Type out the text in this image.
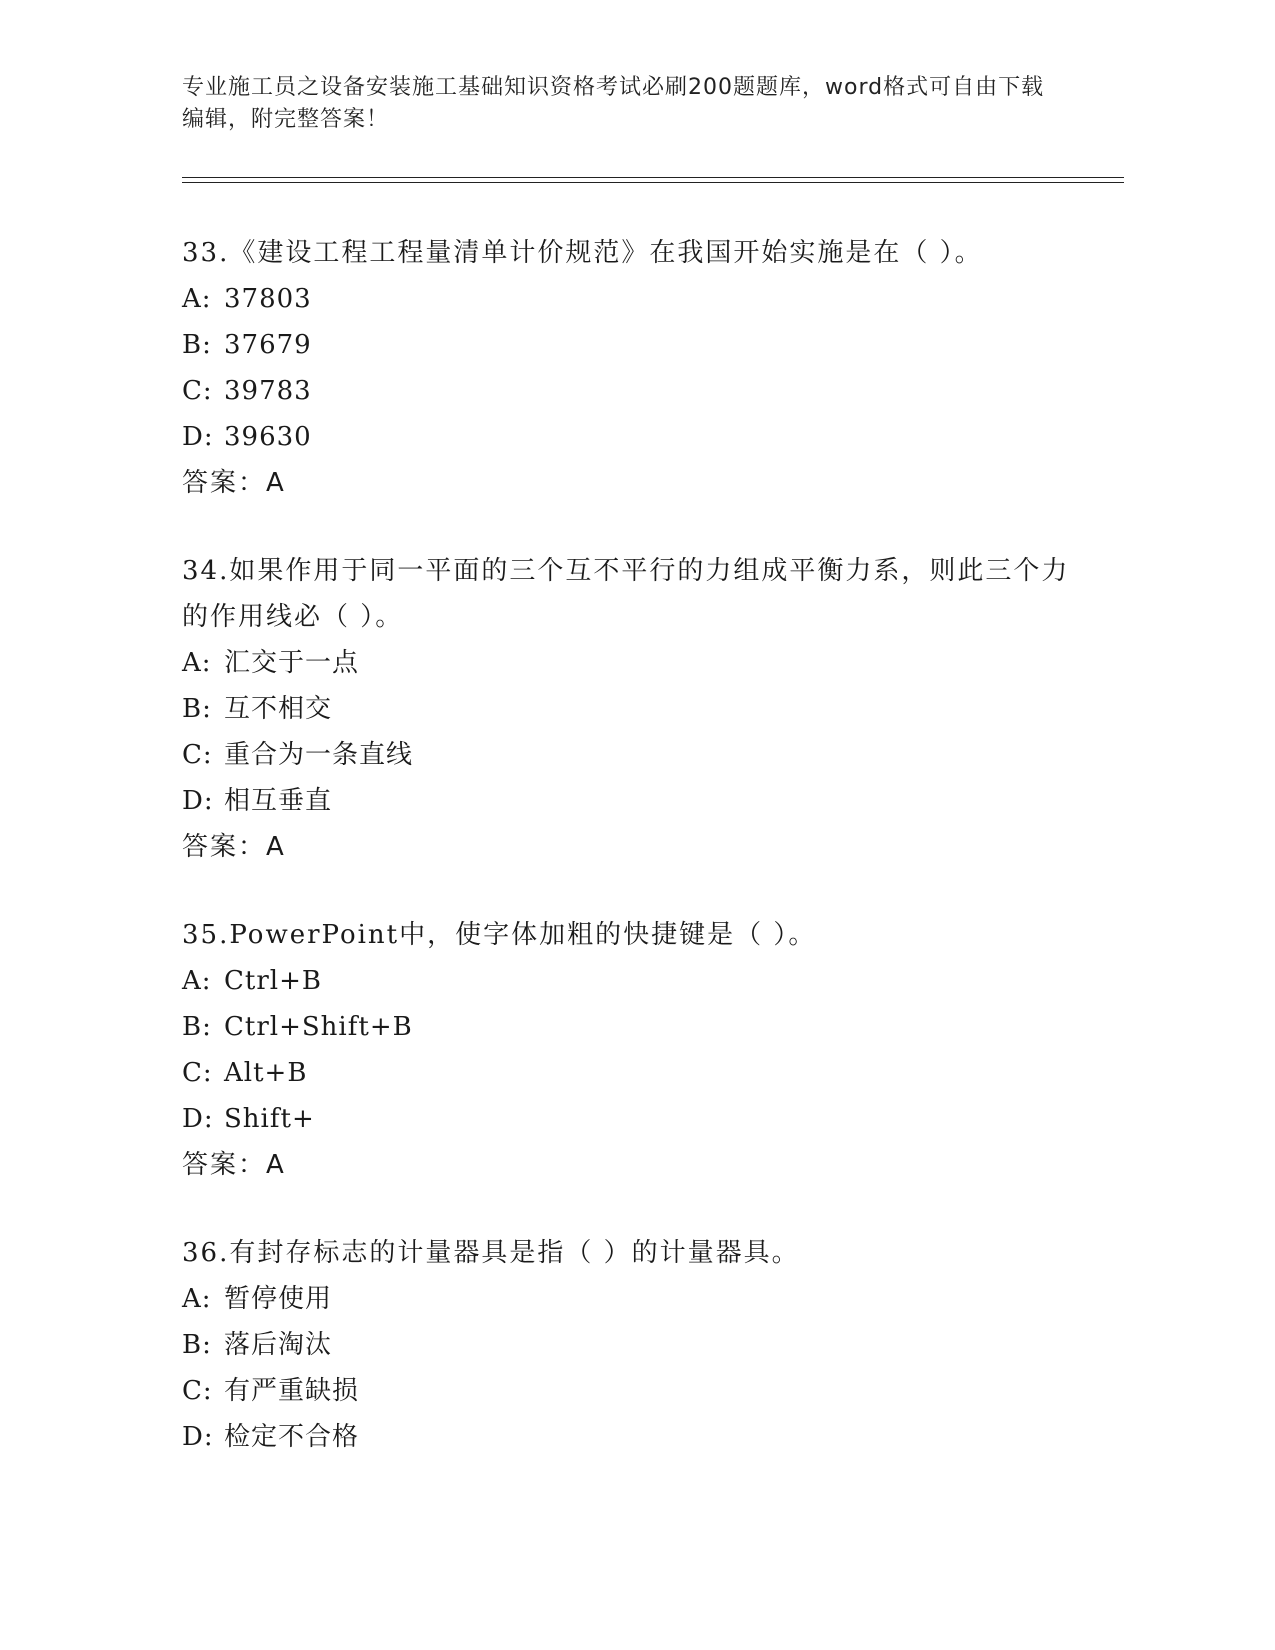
专业施工员之设备安装施工基础知识资格考试必刷200题题库，word格式可自由下载编辑，附完整答案！

33.《建设工程工程量清单计价规范》在我国开始实施是在（ ）。

A: 37803

B: 37679

C: 39783

D: 39630

答案：A

34.如果作用于同一平面的三个互不平行的力组成平衡力系，则此三个力的作用线必（ ）。

A: 汇交于一点

B: 互不相交

C: 重合为一条直线

D: 相互垂直

答案：A

35.PowerPoint中，使字体加粗的快捷键是（ ）。

A: Ctrl+B

B: Ctrl+Shift+B

C: Alt+B

D: Shift+

答案：A

36.有封存标志的计量器具是指（ ）的计量器具。

A: 暂停使用

B: 落后淘汰

C: 有严重缺损

D: 检定不合格
